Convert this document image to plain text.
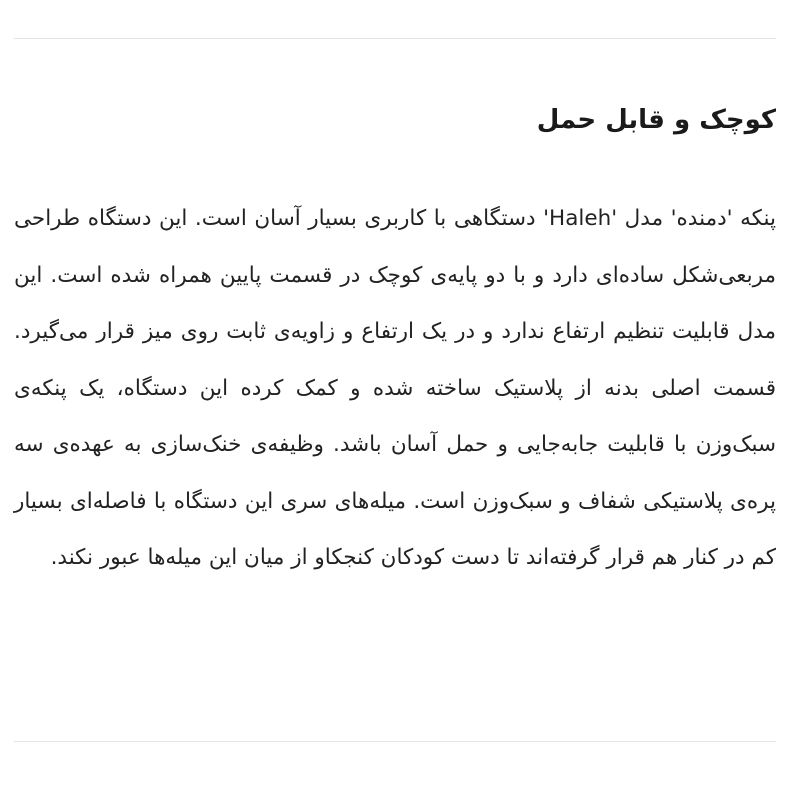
کوچک و قابل حمل

پنکه 'دمنده' مدل 'Haleh' دستگاهی با کاربری بسیار آسان است. این دستگاه طراحی مربعی‌شکل ساده‌ای دارد و با دو پایه‌ی کوچک در قسمت پایین همراه شده است. این مدل قابلیت تنظیم ارتفاع ندارد و در یک ارتفاع و زاویه‌ی ثابت روی میز قرار می‌گیرد. قسمت اصلی بدنه از پلاستیک ساخته شده و کمک کرده این دستگاه، یک پنکه‌ی سبک‌وزن با قابلیت جابه‌جایی و حمل آسان باشد. وظیفه‌ی خنک‌سازی به عهده‌ی سه پره‌ی پلاستیکی شفاف و سبک‌وزن است. میله‌های سری این دستگاه با فاصله‌ای بسیار کم در کنار هم قرار گرفته‌اند تا دست کودکان کنجکاو از میان این میله‌ها عبور نکند.
